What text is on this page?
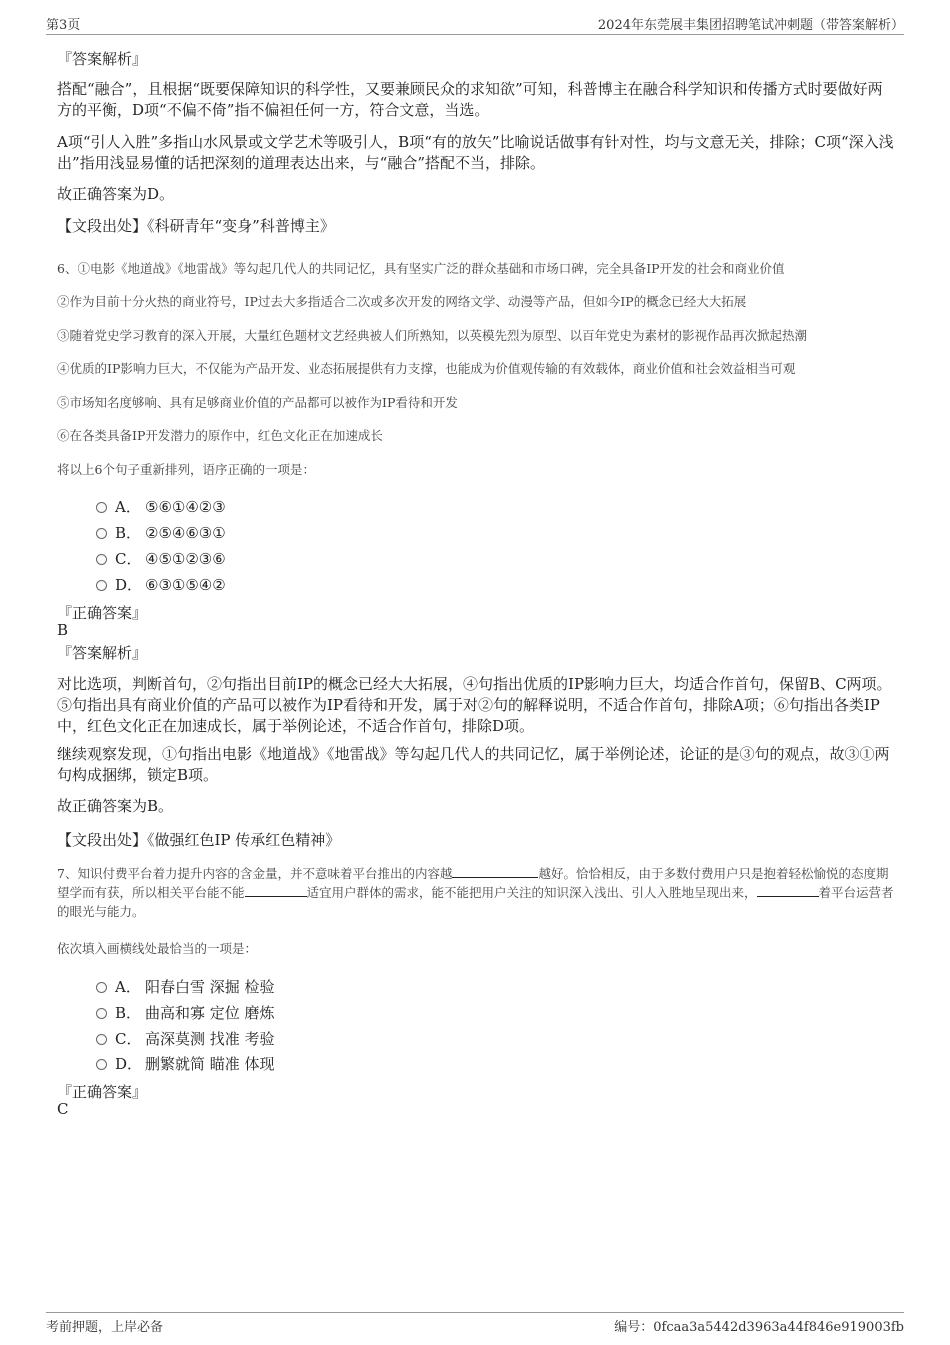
第3页	2024年东莞展丰集团招聘笔试冲刺题（带答案解析）
『答案解析』

搭配“融合”，且根据“既要保障知识的科学性，又要兼顾民众的求知欲”可知，科普博主在融合科学知识和传播方式时要做好两方的平衡，D项“不偏不倚”指不偏袒任何一方，符合文意，当选。

A项“引人入胜”多指山水风景或文学艺术等吸引人，B项“有的放矢”比喻说话做事有针对性，均与文意无关，排除；C项“深入浅出”指用浅显易懂的话把深刻的道理表达出来，与“融合”搭配不当，排除。

故正确答案为D。

【文段出处】《科研青年“变身”科普博主》

6、①电影《地道战》《地雷战》等勾起几代人的共同记忆，具有坚实广泛的群众基础和市场口碑，完全具备IP开发的社会和商业价值

②作为目前十分火热的商业符号，IP过去大多指适合二次或多次开发的网络文学、动漫等产品，但如今IP的概念已经大大拓展

③随着党史学习教育的深入开展，大量红色题材文艺经典被人们所熟知，以英模先烈为原型、以百年党史为素材的影视作品再次掀起热潮

④优质的IP影响力巨大，不仅能为产品开发、业态拓展提供有力支撑，也能成为价值观传输的有效载体，商业价值和社会效益相当可观

⑤市场知名度够响、具有足够商业价值的产品都可以被作为IP看待和开发

⑥在各类具备IP开发潜力的原作中，红色文化正在加速成长

将以上6个句子重新排列，语序正确的一项是：

A． ⑤⑥①④②③
B． ②⑤④⑥③①
C． ④⑤①②③⑥
D． ⑥③①⑤④②
『正确答案』
B
『答案解析』

对比选项，判断首句，②句指出目前IP的概念已经大大拓展，④句指出优质的IP影响力巨大，均适合作首句，保留B、C两项。⑤句指出具有商业价值的产品可以被作为IP看待和开发，属于对②句的解释说明，不适合作首句，排除A项；⑥句指出各类IP中，红色文化正在加速成长，属于举例论述，不适合作首句，排除D项。

继续观察发现，①句指出电影《地道战》《地雷战》等勾起几代人的共同记忆，属于举例论述，论证的是③句的观点，故③①两句构成捆绑，锁定B项。

故正确答案为B。

【文段出处】《做强红色IP 传承红色精神》

7、知识付费平台着力提升内容的含金量，并不意味着平台推出的内容越	越好。恰恰相反，由于多数付费用户只是抱着轻松愉悦的态度期望学而有获，所以相关平台能不能	适宜用户群体的需求，能不能把用户关注的知识深入浅出、引人入胜地呈现出来，	着平台运营者的眼光与能力。

依次填入画横线处最恰当的一项是：

A． 阳春白雪 深掘 检验
B． 曲高和寡 定位 磨炼
C． 高深莫测 找准 考验
D． 删繁就简 瞄准 体现
『正确答案』
C
考前押题，上岸必备	编号：0fcaa3a5442d3963a44f846e919003fb
